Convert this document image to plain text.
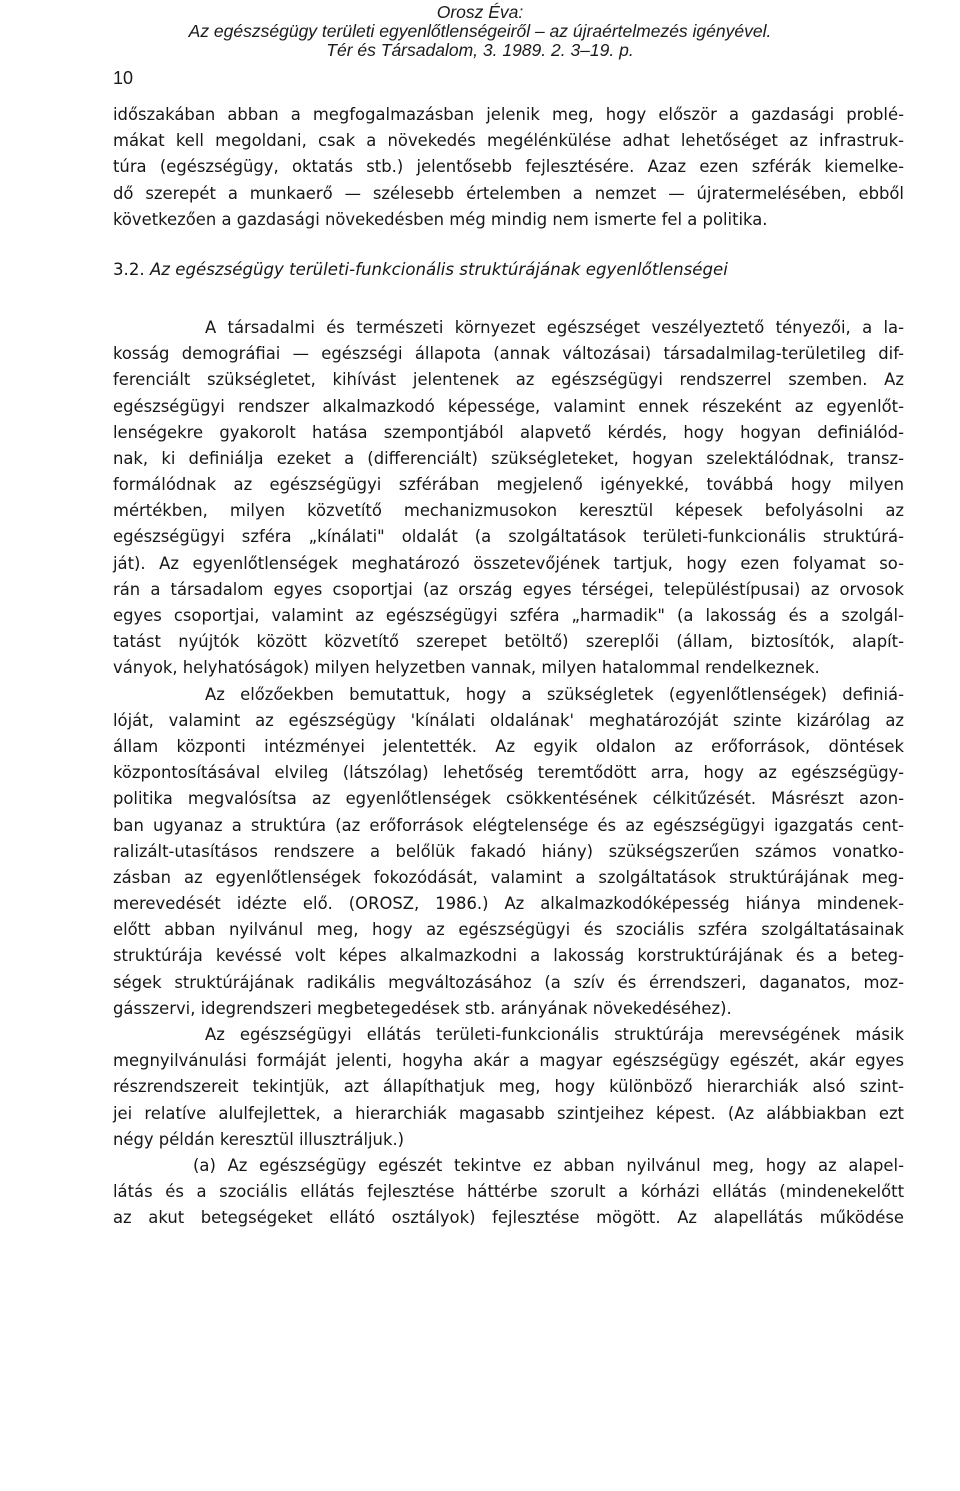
Orosz Éva:
Az egészségügy területi egyenlőtlenségeiről – az újraértelmezés igényével.
Tér és Társadalom, 3. 1989. 2. 3–19. p.
10
időszakában abban a megfogalmazásban jelenik meg, hogy először a gazdasági problé-
mákat kell megoldani, csak a növekedés megélénkülése adhat lehetőséget az infrastruk-
túra (egészségügy, oktatás stb.) jelentősebb fejlesztésére. Azaz ezen szférák kiemelke-
dő szerepét a munkaerő — szélesebb értelemben a nemzet — újratermelésében, ebből
következően a gazdasági növekedésben még mindig nem ismerte fel a politika.
3.2. Az egészségügy területi-funkcionális struktúrájának egyenlőtlenségei
A társadalmi és természeti környezet egészséget veszélyeztető tényezői, a la-
kosság demográfiai — egészségi állapota (annak változásai) társadalmilag-területileg dif-
ferenciált szükségletet, kihívást jelentenek az egészségügyi rendszerrel szemben. Az
egészségügyi rendszer alkalmazkodó képessége, valamint ennek részeként az egyenlőt-
lenségekre gyakorolt hatása szempontjából alapvető kérdés, hogy hogyan definiálód-
nak, ki definiálja ezeket a (differenciált) szükségleteket, hogyan szelektálódnak, transz-
formálódnak az egészségügyi szférában megjelenő igényekké, továbbá hogy milyen
mértékben, milyen közvetítő mechanizmusokon keresztül képesek befolyásolni az
egészségügyi szféra „kínálati" oldalát (a szolgáltatások területi-funkcionális struktúrá-
ját). Az egyenlőtlenségek meghatározó összetevőjének tartjuk, hogy ezen folyamat so-
rán a társadalom egyes csoportjai (az ország egyes térségei, településtípusai) az orvosok
egyes csoportjai, valamint az egészségügyi szféra „harmadik" (a lakosság és a szolgál-
tatást nyújtók között közvetítő szerepet betöltő) szereplői (állam, biztosítók, alapít-
ványok, helyhatóságok) milyen helyzetben vannak, milyen hatalommal rendelkeznek.
Az előzőekben bemutattuk, hogy a szükségletek (egyenlőtlenségek) definiá-
lóját, valamint az egészségügy 'kínálati oldalának' meghatározóját szinte kizárólag az
állam központi intézményei jelentették. Az egyik oldalon az erőforrások, döntések
központosításával elvileg (látszólag) lehetőség teremtődött arra, hogy az egészségügy-
politika megvalósítsa az egyenlőtlenségek csökkentésének célkitűzését. Másrészt azon-
ban ugyanaz a struktúra (az erőforrások elégtelensége és az egészségügyi igazgatás cent-
ralizált-utasításos rendszere a belőlük fakadó hiány) szükségszerűen számos vonatko-
zásban az egyenlőtlenségek fokozódását, valamint a szolgáltatások struktúrájának meg-
merevedését idézte elő. (OROSZ, 1986.) Az alkalmazkodóképesség hiánya mindenek-
előtt abban nyilvánul meg, hogy az egészségügyi és szociális szféra szolgáltatásainak
struktúrája kevéssé volt képes alkalmazkodni a lakosság korstruktúrájának és a beteg-
ségek struktúrájának radikális megváltozásához (a szív és érrendszeri, daganatos, moz-
gásszervi, idegrendszeri megbetegedések stb. arányának növekedéséhez).
Az egészségügyi ellátás területi-funkcionális struktúrája merevségének másik
megnyilvánulási formáját jelenti, hogyha akár a magyar egészségügy egészét, akár egyes
részrendszereit tekintjük, azt állapíthatjuk meg, hogy különböző hierarchiák alsó szint-
jei relatíve alulfejlettek, a hierarchiák magasabb szintjeihez képest. (Az alábbiakban ezt
négy példán keresztül illusztráljuk.)
(a) Az egészségügy egészét tekintve ez abban nyilvánul meg, hogy az alapel-
látás és a szociális ellátás fejlesztése háttérbe szorult a kórházi ellátás (mindenekelőtt
az akut betegségeket ellátó osztályok) fejlesztése mögött. Az alapellátás működése
